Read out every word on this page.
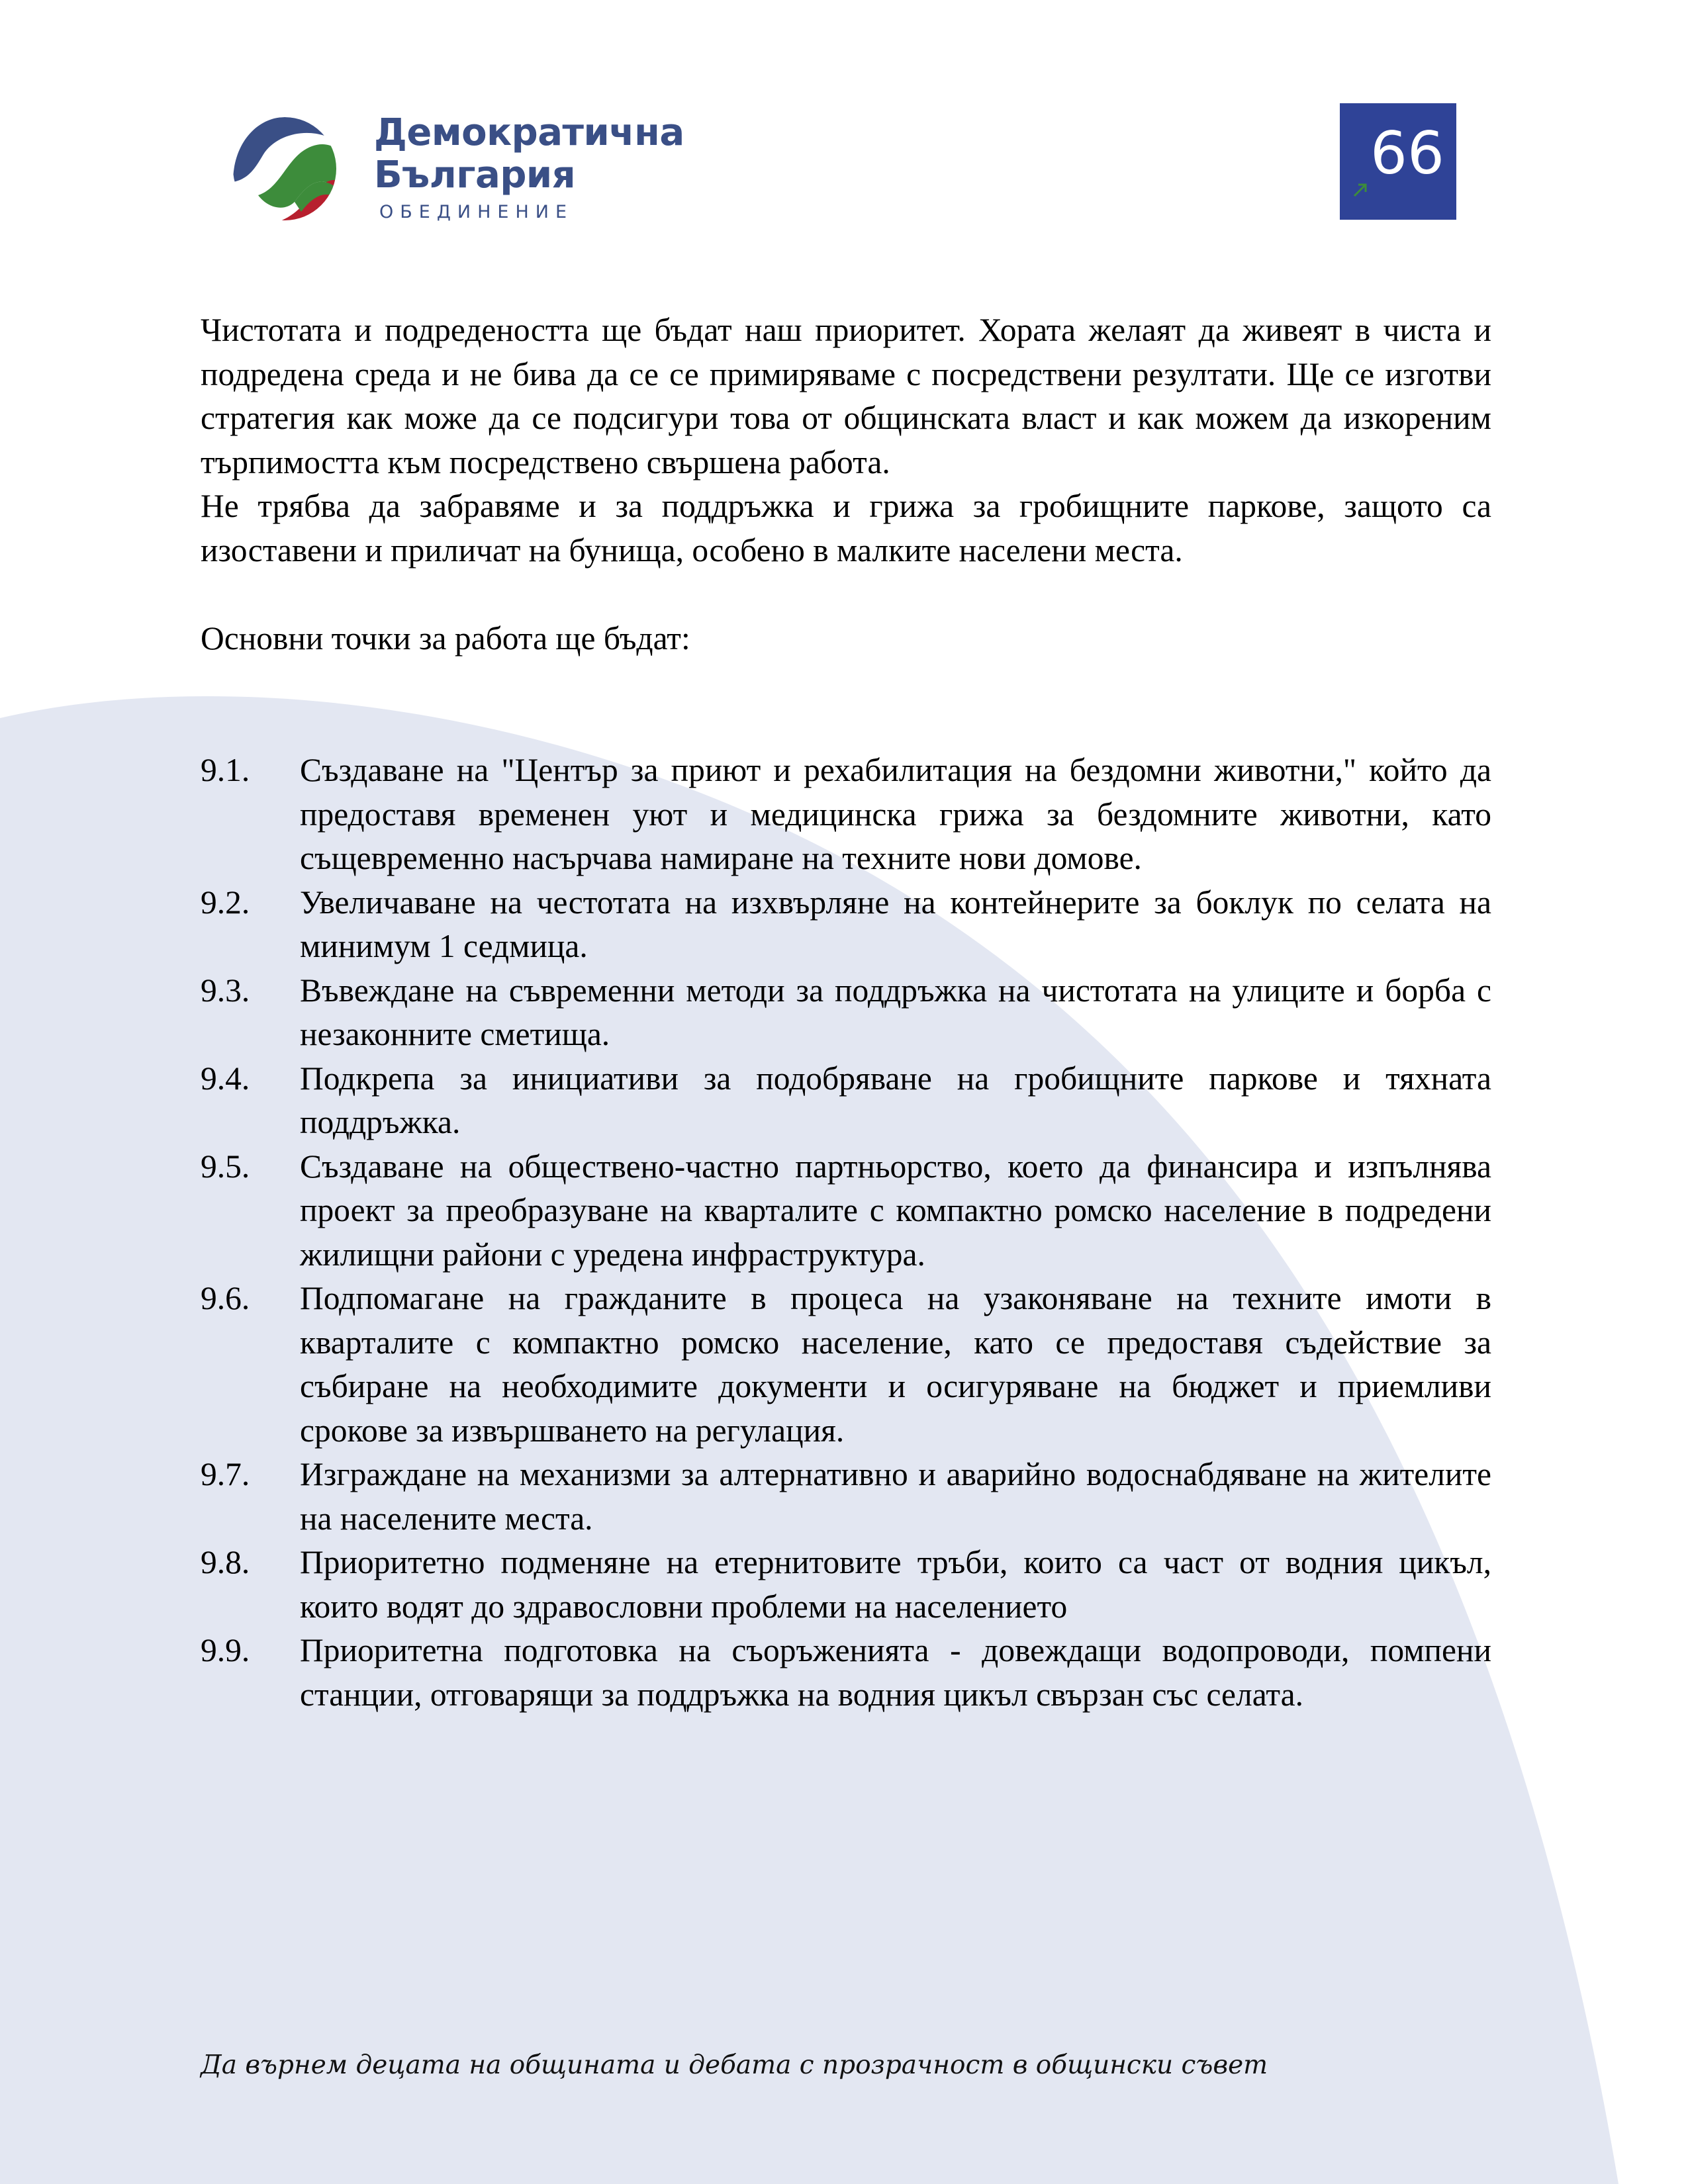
Демократична
България
ОБЕДИНЕНИЕ
66

Чистотата и подредеността ще бъдат наш приоритет. Хората желаят да живеят в чиста и подредена среда и не бива да се се примиряваме с посредствени резултати. Ще се изготви стратегия как може да се подсигури това от общинската власт и как можем да изкореним търпимостта към посредствено свършена работа.

Не трябва да забравяме и за поддръжка и грижа за гробищните паркове, защото са изоставени и приличат на бунища, особено в малките населени места.

Основни точки за работа ще бъдат:

9.1. Създаване на "Център за приют и рехабилитация на бездомни животни," който да предоставя временен уют и медицинска грижа за бездомните животни, като същевременно насърчава намиране на техните нови домове.

9.2. Увеличаване на честотата на изхвърляне на контейнерите за боклук по селата на минимум 1 седмица.

9.3. Въвеждане на съвременни методи за поддръжка на чистотата на улиците и борба с незаконните сметища.

9.4. Подкрепа за инициативи за подобряване на гробищните паркове и тяхната поддръжка.

9.5. Създаване на обществено-частно партньорство, което да финансира и изпълнява проект за преобразуване на кварталите с компактно ромско население в подредени жилищни райони с уредена инфраструктура.

9.6. Подпомагане на гражданите в процеса на узаконяване на техните имоти в кварталите с компактно ромско население, като се предоставя съдействие за събиране на необходимите документи и осигуряване на бюджет и приемливи срокове за извършването на регулация.

9.7. Изграждане на механизми за алтернативно и аварийно водоснабдяване на жителите на населените места.

9.8. Приоритетно подменяне на етернитовите тръби, които са част от водния цикъл, които водят до здравословни проблеми на населението

9.9. Приоритетна подготовка на съоръженията - довеждащи водопроводи, помпени станции, отговарящи за поддръжка на водния цикъл свързан със селата.

Да върнем децата на общината и дебата с прозрачност в общински съвет
